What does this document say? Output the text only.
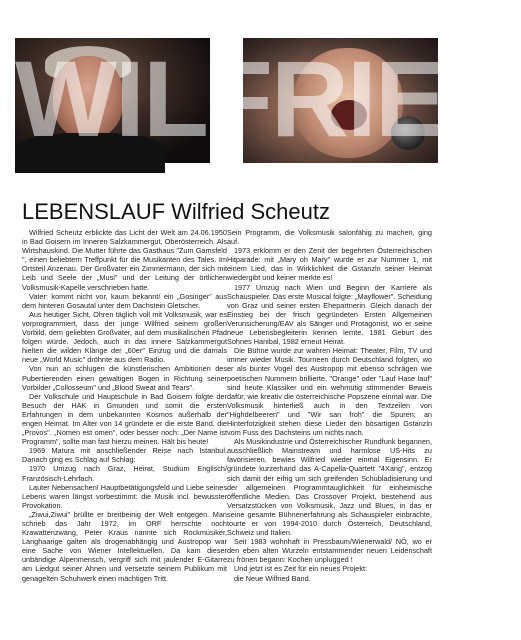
WILFRIED
LEBENSLAUF Wilfried Scheutz

Wilfried Scheutz erblickte das Licht der Welt am 24.06.1950 in Bad Goisern im Inneren Salzkammergut, Oberösterreich. Als Wirtshauskind. Die Mutter führte das Gasthaus "Zum Gamsfeld ", einen beliebtern Treffpunkt für die Musikanten des Tales. Im Ortsteil Anzenau. Der Großvater ein Zimmermann, der sich mit Leib und Seele der „Musi" und der Leitung der örtlichen Volksmusik-Kapelle verschrieben hatte.

Vater: kommt nicht vor, kaum bekannt/ ein „Gosinger" aus dem hinteren Gosautal unter dem Dachstein Gletscher.

Aus heutiger Sicht, Ohren täglich voll mit Volksmusik, war es vorprogrammiert, dass der junge Wilfried seinem großen Vorbild, dem geliebten Großvater, auf dem musikalischen Pfad folgen würde. Jedoch, auch in das innere Salzkammergut hielten die wilden Klänge der „60er" Einzug und die damals neue „World Music" dröhnte aus dem Radio.

Von nun an schlugen die künstlerischen Ambitionen des Pubertierenden einen gewaltigen Bogen in Richtung seiner Vorbilder „Collosseum" und „Blood Sweat and Tears".

Der Volkschule und Hauptschule in Bad Goisern folgte der Besuch der HAK in Gmunden und somit die ersten Erfahrungen in dem unbekannten Kosmos außerhalb der engen Heimat. Im Alter von 14 gründete er die erste Band, die „Provos". „Nomen est omen", oder besser noch: „Der Name ist Programm", sollte man fast hierzu meinen. Hält bis heute!

1969 Matura mit anschließender Reise nach Istanbul. Danach ging es Schlag auf Schlag:

1970 Umzug nach Graz, Heirat, Studium Englisch/ Französisch-Lehrfach.

Lauter Nebensachen! Hauptbetätigungsfeld und Liebe seines Lebens waren längst vorbestimmt: die Musik incl. bewusster Provokation.

„Ziwui,Ziwui" brüllte er breitbeinig der Welt entgegen. Man schrieb das Jahr 1972, im ORF herrschte noch Krawattenzwang, Peter Kraus nannte sich Rockmusiker, Langhaarige galten als drogenabhängig und Austropop war eine Sache von Wiener Intellektuellen. Da kam dieser unbändige Alpenmensch, vergriff sich mit jaulender E-Gitarre am Liedgut seiner Ahnen und versetzte seinem Publikum mit genagelten Schuhwerk einen mächtigen Tritt.

Sein Programm, die Volksmusik salonfähig zu machen, ging auf.

1973 erklomm er den Zenit der begehrten Österreichischen Hitparade: mit „Mary oh Mary" wurde er zur Nummer 1, mit einem Lied, das in Wirklichkeit die Gstanzln seiner Heimat wiedergibt und keiner merkte es!

1977 Umzug nach Wien und Beginn der Karriere als Schauspieler. Das erste Musical folgte: „Mayflower". Scheidung von Graz und seiner ersten Ehepartnerin. Gleich danach der Einstieg bei der frisch gegründeten Ersten Allgemeinen Verunsicherung/EAV als Sänger und Protagonist, wo er seine neue Lebensbegleiterin kennen lernte. 1981 Geburt des Sohnes Hanibal, 1982 erneut Heirat.

Die Bühne wurde zur wahren Heimat: Theater, Film, TV und immer wieder Musik. Tourneen durch Deutschland folgten, wo er als bunter Vogel des Austropop mit ebenso schrägen wie poetischen Nummern brillierte. "Orange" oder "Lauf Hase lauf" sind heute Klassiker und ein wehmütig stimmender Beweis dafür, wie kreativ die österreichische Popszene einmal war. Die Volksmusik hinterließ auch in den Textzeilen von "Highdelbeeren" und "Wir san froh" die Spuren; an Hinterfotzigkeit stehen diese Lieder den bösartigen Gstanzln vom Fuss des Dachsteins um nichts nach.

Als Musikindustrie und Österreichischer Rundfunk begannen, ausschließlich Mainstream und harmlose US-Hits zu favorisieren, bewies Wilfried wieder einmal Eigensinn. Er gründete kurzerhand das A-Capella-Quartett "4Xang", entzog sich damit der eifrig um sich greifenden Schubladisierung und der allgemeinen Programmtauglichkeit für einheimische öffentliche Medien. Das Crossover Projekt, bestehend aus Versatzstücken von Volksmusik, Jazz und Blues, in das er seine gesamte Bühnenerfahrung als Schauspieler einbrachte, tourte er von 1994-2010 durch Österreich, Deutschland, Schweiz und Italien.

Seit 1983 wohnhaft in Pressbaum/Wienerwald/ NÖ, wo er den eben alten Wurzeln entstammender neuen Leidenschaft zu frönen begann: Kochen unplugged !

Und jetzt ist es Zeit für ein neues Projekt:

die Neue Wilfried Band.
